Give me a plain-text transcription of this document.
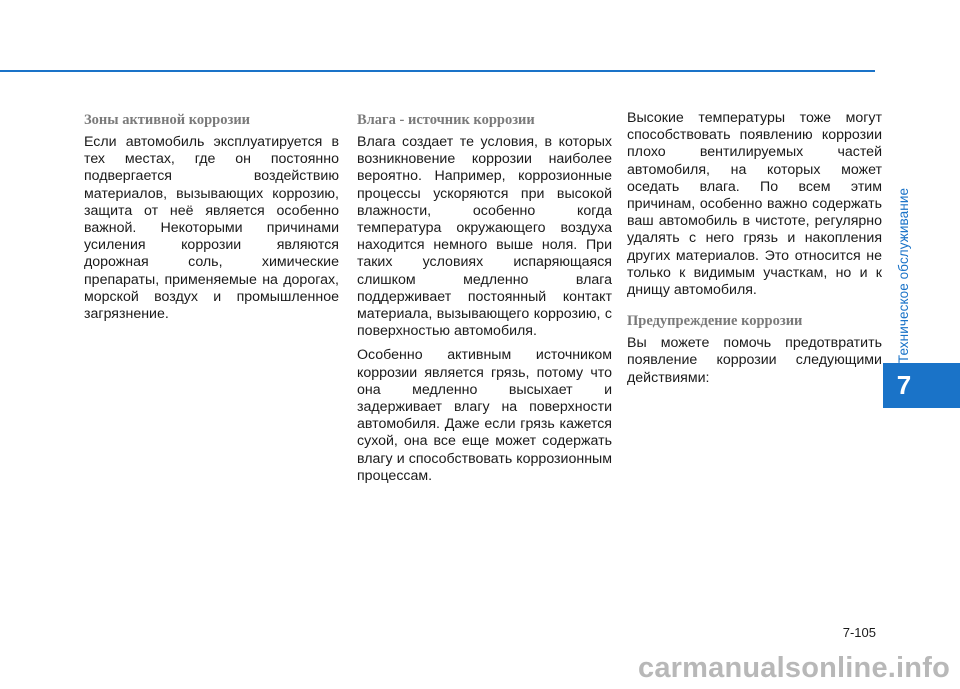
Техническое обслуживание
7
Зоны активной коррозии

Если автомобиль эксплуатируется в тех местах, где он постоянно подвергается воздействию материалов, вызывающих коррозию, защита от неё является особенно важной. Некоторыми причинами усиления коррозии являются дорожная соль, химические препараты, применяемые на дорогах, морской воздух и промышленное загрязнение.

Влага - источник коррозии

Влага создает те условия, в которых возникновение коррозии наиболее вероятно. Например, коррозионные процессы ускоряются при высокой влажности, особенно когда температура окружающего воздуха находится немного выше ноля. При таких условиях испаряющаяся слишком медленно влага поддерживает постоянный контакт материала, вызывающего коррозию, с поверхностью автомобиля.

Особенно активным источником коррозии является грязь, потому что она медленно высыхает и задерживает влагу на поверхности автомобиля. Даже если грязь кажется сухой, она все еще может содержать влагу и способствовать коррозионным процессам.

Высокие температуры тоже могут способствовать появлению коррозии плохо вентилируемых частей автомобиля, на которых может оседать влага. По всем этим причинам, особенно важно содержать ваш автомобиль в чистоте, регулярно удалять с него грязь и накопления других материалов. Это относится не только к видимым участкам, но и к днищу автомобиля.

Предупреждение коррозии

Вы можете помочь предотвратить появление коррозии следующими действиями:

7-105
carmanualsonline.info
